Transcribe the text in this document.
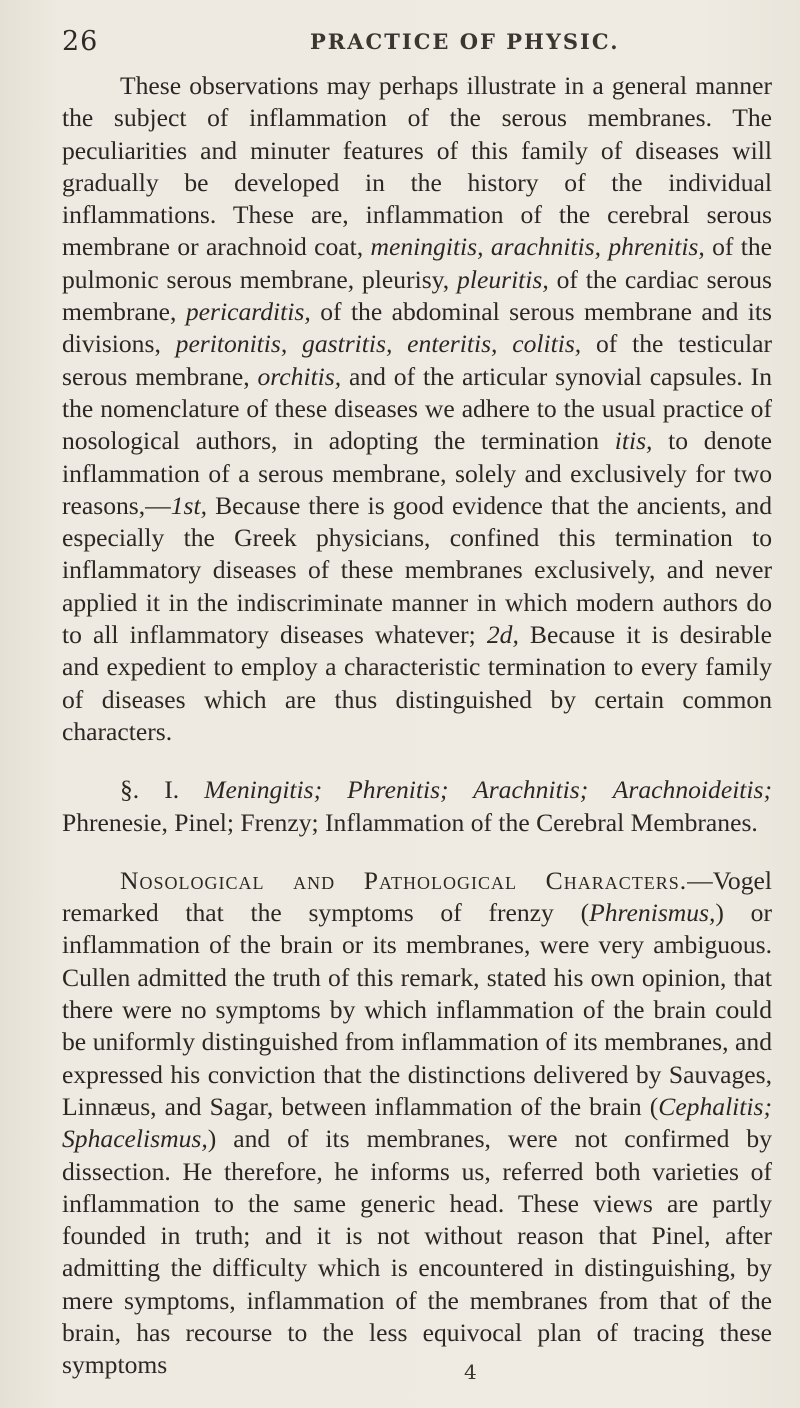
26	PRACTICE OF PHYSIC.

These observations may perhaps illustrate in a general manner the subject of inflammation of the serous membranes. The peculiarities and minuter features of this family of diseases will gradually be developed in the history of the individual inflammations. These are, inflammation of the cerebral serous membrane or arachnoid coat, meningitis, arachnitis, phrenitis, of the pulmonic serous membrane, pleurisy, pleuritis, of the cardiac serous membrane, pericarditis, of the abdominal serous membrane and its divisions, peritonitis, gastritis, enteritis, colitis, of the testicular serous membrane, orchitis, and of the articular synovial capsules. In the nomenclature of these diseases we adhere to the usual practice of nosological authors, in adopting the termination itis, to denote inflammation of a serous membrane, solely and exclusively for two reasons,—1st, Because there is good evidence that the ancients, and especially the Greek physicians, confined this termination to inflammatory diseases of these membranes exclusively, and never applied it in the indiscriminate manner in which modern authors do to all inflammatory diseases whatever; 2d, Because it is desirable and expedient to employ a characteristic termination to every family of diseases which are thus distinguished by certain common characters.

§. I. Meningitis; Phrenitis; Arachnitis; Arachnoideitis; Phrenesie, Pinel; Frenzy; Inflammation of the Cerebral Membranes.

Nosological and Pathological Characters.—Vogel remarked that the symptoms of frenzy (Phrenismus,) or inflammation of the brain or its membranes, were very ambiguous. Cullen admitted the truth of this remark, stated his own opinion, that there were no symptoms by which inflammation of the brain could be uniformly distinguished from inflammation of its membranes, and expressed his conviction that the distinctions delivered by Sauvages, Linnæus, and Sagar, between inflammation of the brain (Cephalitis; Sphacelismus,) and of its membranes, were not confirmed by dissection. He therefore, he informs us, referred both varieties of inflammation to the same generic head. These views are partly founded in truth; and it is not without reason that Pinel, after admitting the difficulty which is encountered in distinguishing, by mere symptoms, inflammation of the membranes from that of the brain, has recourse to the less equivocal plan of tracing these symptoms	4
